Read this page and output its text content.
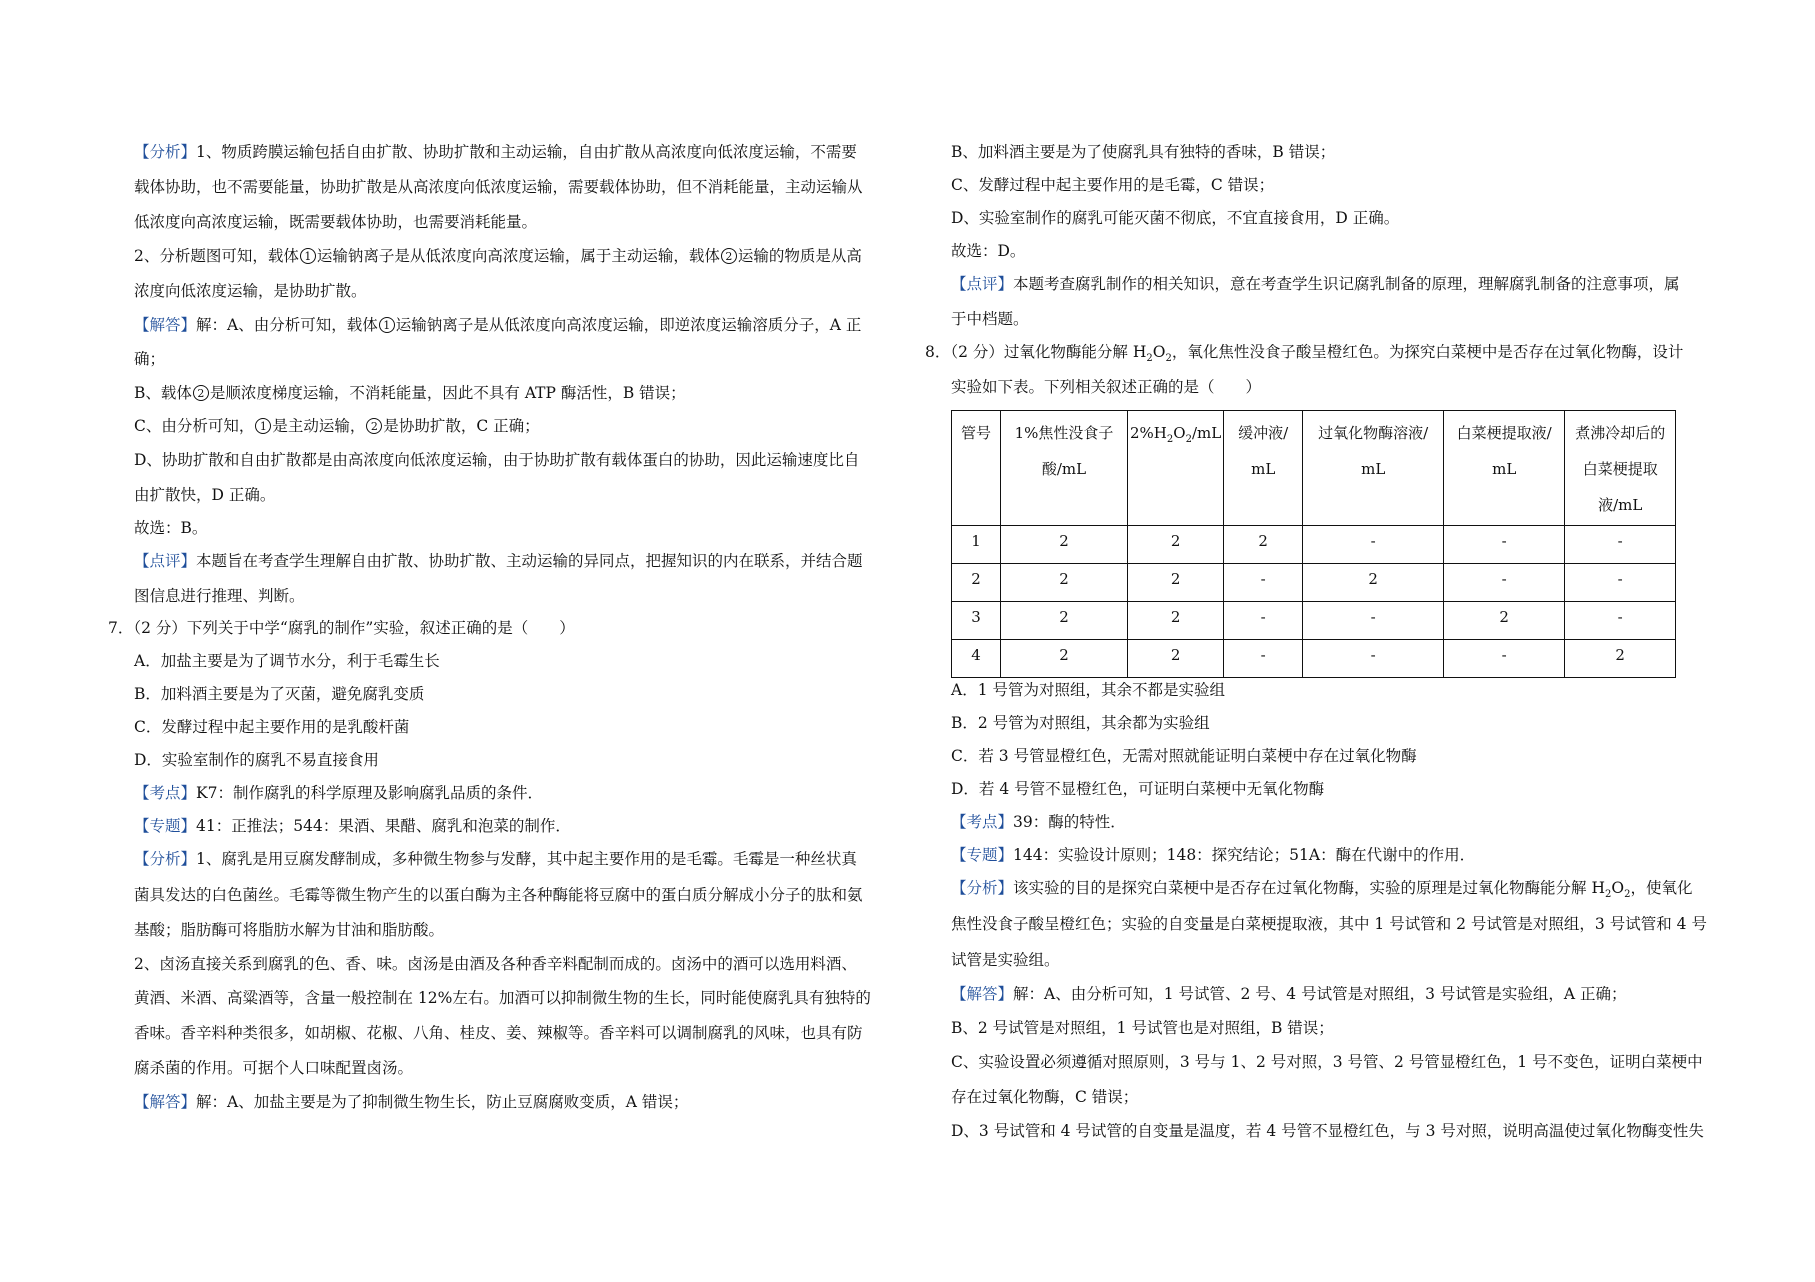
【分析】1、物质跨膜运输包括自由扩散、协助扩散和主动运输，自由扩散从高浓度向低浓度运输，不需要
载体协助，也不需要能量，协助扩散是从高浓度向低浓度运输，需要载体协助，但不消耗能量，主动运输从
低浓度向高浓度运输，既需要载体协助，也需要消耗能量。
2、分析题图可知，载体 1 运输钠离子是从低浓度向高浓度运输，属于主动运输，载体 2 运输的物质是从高
浓度向低浓度运输，是协助扩散。
【解答】解：A、由分析可知，载体 1 运输钠离子是从低浓度向高浓度运输，即逆浓度运输溶质分子，A 正
确；
B、载体 2 是顺浓度梯度运输，不消耗能量，因此不具有 ATP 酶活性，B 错误；
C、由分析可知， 1 是主动运输， 2 是协助扩散，C 正确；
D、协助扩散和自由扩散都是由高浓度向低浓度运输，由于协助扩散有载体蛋白的协助，因此运输速度比自
由扩散快，D 正确。
故选：B。
【点评】本题旨在考查学生理解自由扩散、协助扩散、主动运输的异同点，把握知识的内在联系，并结合题
图信息进行推理、判断。
7．（2 分）下列关于中学“腐乳的制作”实验，叙述正确的是（　　）
A．加盐主要是为了调节水分，利于毛霉生长
B．加料酒主要是为了灭菌，避免腐乳变质
C．发酵过程中起主要作用的是乳酸杆菌
D．实验室制作的腐乳不易直接食用
【考点】K7：制作腐乳的科学原理及影响腐乳品质的条件．
【专题】41：正推法；544：果酒、果醋、腐乳和泡菜的制作．
【分析】1、腐乳是用豆腐发酵制成，多种微生物参与发酵，其中起主要作用的是毛霉。毛霉是一种丝状真
菌具发达的白色菌丝。毛霉等微生物产生的以蛋白酶为主各种酶能将豆腐中的蛋白质分解成小分子的肽和氨
基酸；脂肪酶可将脂肪水解为甘油和脂肪酸。
2、卤汤直接关系到腐乳的色、香、味。卤汤是由酒及各种香辛料配制而成的。卤汤中的酒可以选用料酒、
黄酒、米酒、高粱酒等，含量一般控制在 12%左右。加酒可以抑制微生物的生长，同时能使腐乳具有独特的
香味。香辛料种类很多，如胡椒、花椒、八角、桂皮、姜、辣椒等。香辛料可以调制腐乳的风味，也具有防
腐杀菌的作用。可据个人口味配置卤汤。
【解答】解：A、加盐主要是为了抑制微生物生长，防止豆腐腐败变质，A 错误；
B、加料酒主要是为了使腐乳具有独特的香味，B 错误；
C、发酵过程中起主要作用的是毛霉，C 错误；
D、实验室制作的腐乳可能灭菌不彻底，不宜直接食用，D 正确。
故选：D。
【点评】本题考查腐乳制作的相关知识，意在考查学生识记腐乳制备的原理，理解腐乳制备的注意事项，属
于中档题。
8．（2 分）过氧化物酶能分解 $H_2O_2$，氧化焦性没食子酸呈橙红色。为探究白菜梗中是否存在过氧化物酶，设计
实验如下表。下列相关叙述正确的是（　　）
管号	1%焦性没食子
酸/mL	$2\%H_2O_2/mL$	缓冲液/
mL	过氧化物酶溶液/
mL	白菜梗提取液/
mL	煮沸冷却后的
白菜梗提取
液/mL
1	2	2	2	-	-	-
2	2	2	-	2	-	-
3	2	2	-	-	2	-
4	2	2	-	-	-	2
A．1 号管为对照组，其余不都是实验组
B．2 号管为对照组，其余都为实验组
C．若 3 号管显橙红色，无需对照就能证明白菜梗中存在过氧化物酶
D．若 4 号管不显橙红色，可证明白菜梗中无氧化物酶
【考点】39：酶的特性．
【专题】144：实验设计原则；148：探究结论；51A：酶在代谢中的作用．
【分析】该实验的目的是探究白菜梗中是否存在过氧化物酶，实验的原理是过氧化物酶能分解 $H_2O_2$，使氧化
焦性没食子酸呈橙红色；实验的自变量是白菜梗提取液，其中 1 号试管和 2 号试管是对照组，3 号试管和 4 号
试管是实验组。
【解答】解：A、由分析可知，1 号试管、2 号、4 号试管是对照组，3 号试管是实验组，A 正确；
B、2 号试管是对照组，1 号试管也是对照组，B 错误；
C、实验设置必须遵循对照原则，3 号与 1、2 号对照，3 号管、2 号管显橙红色，1 号不变色，证明白菜梗中
存在过氧化物酶，C 错误；
D、3 号试管和 4 号试管的自变量是温度，若 4 号管不显橙红色，与 3 号对照，说明高温使过氧化物酶变性失
